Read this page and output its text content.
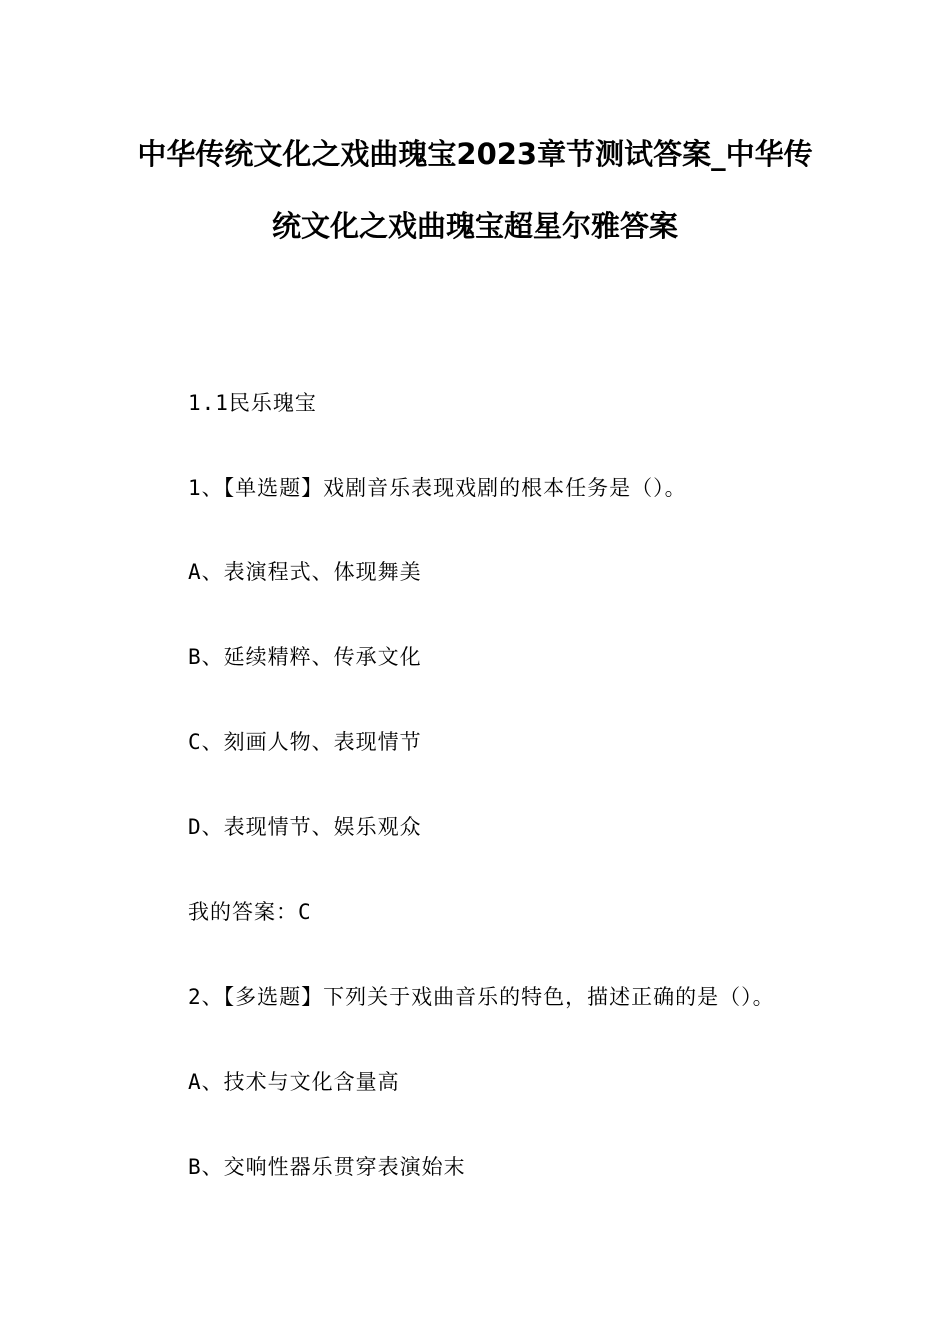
中华传统文化之戏曲瑰宝2023章节测试答案_中华传
统文化之戏曲瑰宝超星尔雅答案
1.1民乐瑰宝
1、【单选题】戏剧音乐表现戏剧的根本任务是（）。
A、表演程式、体现舞美
B、延续精粹、传承文化
C、刻画人物、表现情节
D、表现情节、娱乐观众
我的答案：C
2、【多选题】下列关于戏曲音乐的特色，描述正确的是（）。
A、技术与文化含量高
B、交响性器乐贯穿表演始末
